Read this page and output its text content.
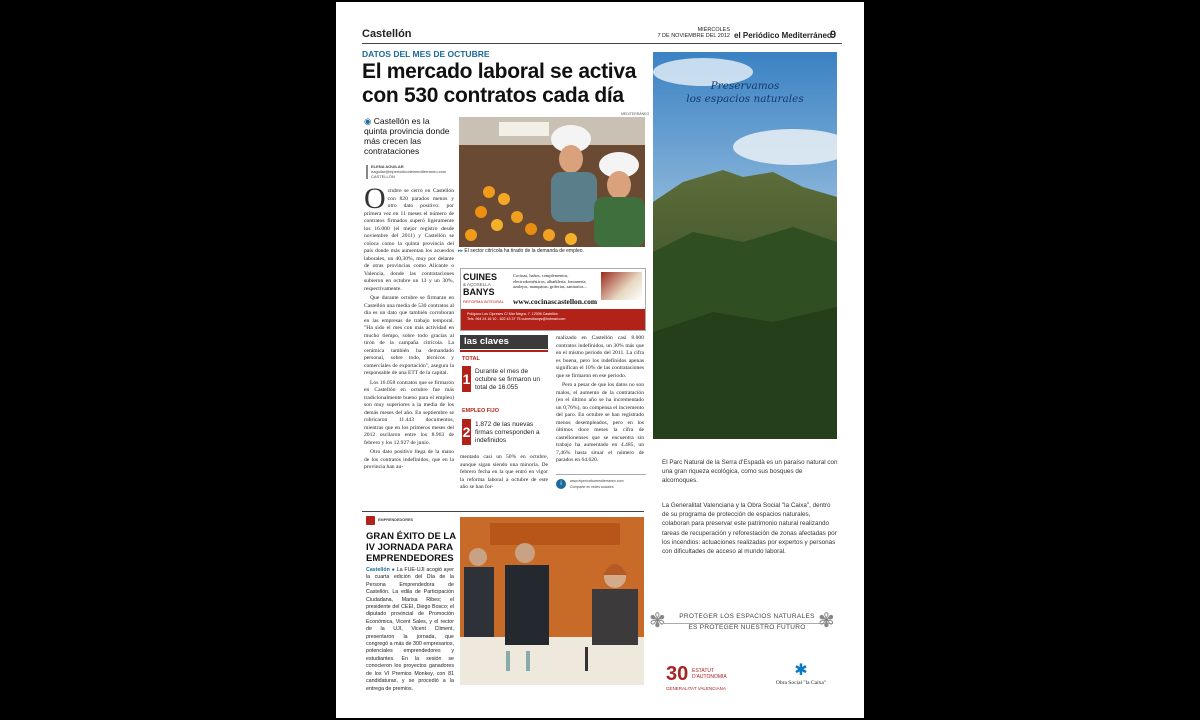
Castellón	MIÉRCOLES
7 DE NOVIEMBRE DEL 2012 el Periódico Mediterráneo
9
DATOS DEL MES DE OCTUBRE
El mercado laboral se activa
con 530 contratos cada día
◉ Castellón es la quinta provincia donde más crecen las contrataciones
ELENA AGUILAR
eaguilar@elperiodicodelmediterraneo.com
CASTELLÓN
Octubre se cerró en Castellón con 820 parados menos y otro dato positivo: por primera vez en 11 meses el número de contratos firmados superó ligeramente los 16.000 (el mejor registro desde noviembre del 2011) y Castellón se coloca como la quinta provincia del país donde más aumentan los acuerdos laborales, un 40,30%, muy por delante de otras provincias como Alicante o Valencia, donde las contrataciones subieron en octubre un 13 y un 30%, respectivamente.

Que durante octubre se firmaran en Castellón una media de 530 contratos al día es un dato que también corroboran en las empresas de trabajo temporal. "Ha sido el mes con más actividad en mucho tiempo, sobre todo gracias al tirón de la campaña citrícola. La cerámica también ha demandado personal, sobre todo, técnicos y comerciales de exportación", asegura la responsable de una ETT de la capital.

Los 16.058 contratos que se firmaron en Castellón en octubre fue más tradicionalmente bueno para el empleo) son muy superiores a la media de los demás meses del año. En septiembre se rubricaron 11.443 documentos, mientras que en los primeros meses del 2012 oscilaron entre los 8.963 de febrero y los 12.927 de junio.

Otro dato positivo llega de la mano de los contratos indefinidos, que en la provincia han au-

MEDITERRÁNEO
▸▸ El sector citrícola ha tirado de la demanda de empleo.
CUINES
& AÇOSELLA
BANYS
REFORMA INTEGRAL
Cocinas, baños, complementos, electrodomésticos, albañilería, fontanería, azulejos, mamparas, griferías, sanitarios...
www.cocinascastellon.com
Polígono Los Cipreses C/ Mar Negra, 7. 12006 Castellón
Tels. 964 24 16 10 - 622 43 37 75 cuinesibanys@hotmail.com
las claves
TOTAL
1 Durante el mes de octubre se firmaron un total de 16.055
EMPLEO FIJO
2 1.872 de las nuevas firmas corresponden a indefinidos
mentado casi un 50% en octubre, aunque sigan siendo una minoría. De febrero fecha en la que entró en vigor la reforma laboral a octubre de este año se han for-

malizado en Castellón casi 8.000 contratos indefinidos, un 30% más que en el mismo periodo del 2011. La cifra es buena, pero los indefinidos apenas significan el 10% de las contrataciones que se firmaron en ese periodo.

Pero a pesar de que los datos no son malos, el aumento de la contratación (en el último año se ha incrementado un 0,76%), no compensa el incremento del paro. En octubre se han registrado menos desempleados, pero en los últimos doce meses la cifra de castellonenses que se encuentra sin trabajo ha aumentado en 4.485, un 7,46% hasta situar el número de parados en 64.620.

i	www.elperiodicomediterraneo.com
Comparte en redes sociales
EMPRENDEDORES
GRAN ÉXITO DE LA IV JORNADA PARA EMPRENDEDORES
Castellón ● La FUE-UJI acogió ayer la cuarta edición del Día de la Persona Emprendedora de Castellón. La edila de Participación Ciudadana, Marisa Ribes; el presidente del CEEI, Diego Bosco; el diputado provincial de Promoción Económica, Vicent Sales, y el rector de la UJI, Vicent Climent, presentaron la jornada, que congregó a más de 300 empresarios, potenciales emprendedores y estudiantes. En la sesión se conocieron los proyectos ganadores de los VI Premios Monkey, con 81 candidaturas, y se procedió a la entrega de premios.
Preservamos
los espacios naturales
El Parc Natural de la Serra d'Espadà es un paraíso natural con una gran riqueza ecológica, como sus bosques de alcornoques.
La Generalitat Valenciana y la Obra Social "la Caixa", dentro de su programa de protección de espacios naturales, colaboran para preservar este patrimonio natural realizando tareas de recuperación y reforestación de zonas afectadas por los incendios: actuaciones realizadas por expertos y personas con dificultades de acceso al mundo laboral.
✾	PROTEGER LOS ESPACIOS NATURALES
ES PROTEGER NUESTRO FUTURO ✾
30 ESTATUT
D'AUTONOMIA
GENERALITAT VALENCIANA
✱
Obra Social "la Caixa"
